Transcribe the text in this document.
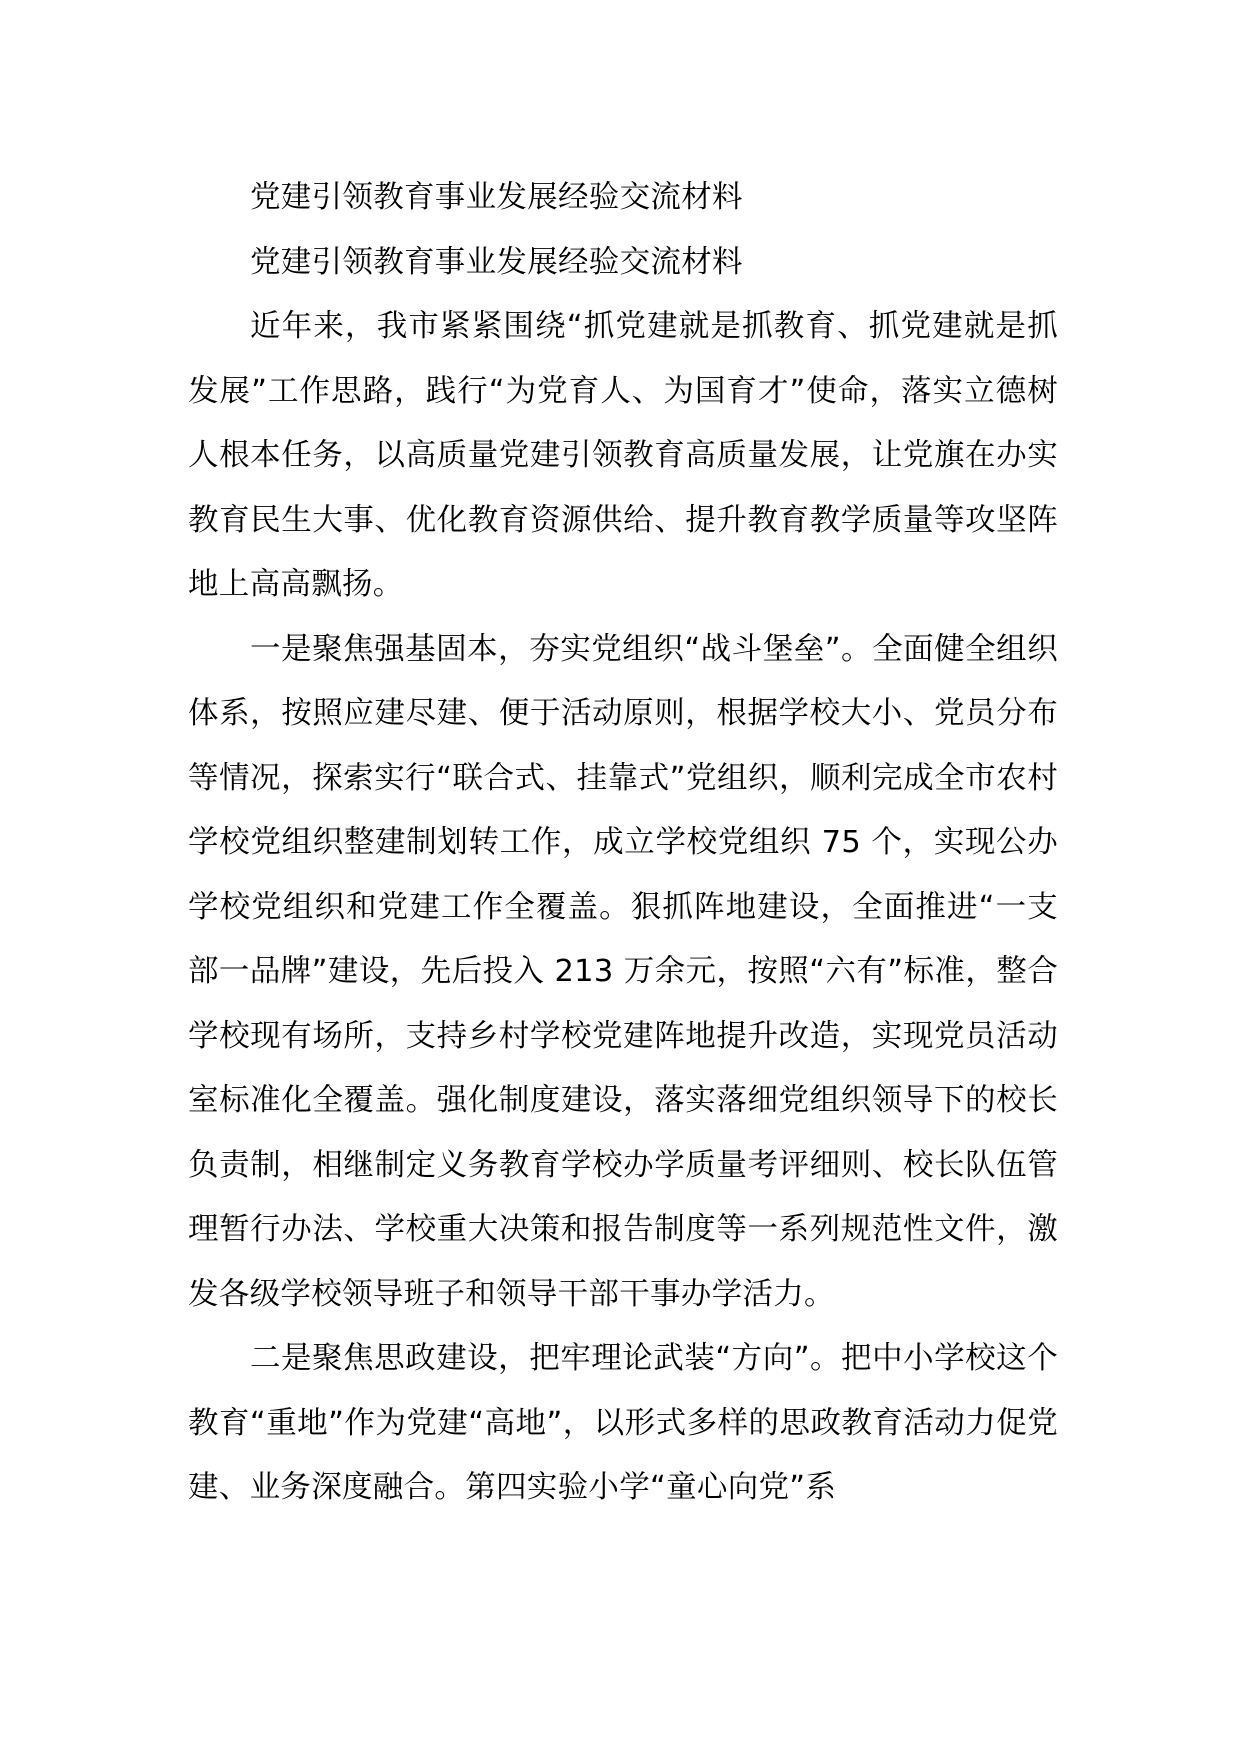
党建引领教育事业发展经验交流材料

党建引领教育事业发展经验交流材料

近年来，我市紧紧围绕“抓党建就是抓教育、抓党建就是抓发展”工作思路，践行“为党育人、为国育才”使命，落实立德树人根本任务，以高质量党建引领教育高质量发展，让党旗在办实教育民生大事、优化教育资源供给、提升教育教学质量等攻坚阵地上高高飘扬。

一是聚焦强基固本，夯实党组织“战斗堡垒”。全面健全组织体系，按照应建尽建、便于活动原则，根据学校大小、党员分布等情况，探索实行“联合式、挂靠式”党组织，顺利完成全市农村学校党组织整建制划转工作，成立学校党组织 75 个，实现公办学校党组织和党建工作全覆盖。狠抓阵地建设，全面推进“一支部一品牌”建设，先后投入 213 万余元，按照“六有”标准，整合学校现有场所，支持乡村学校党建阵地提升改造，实现党员活动室标准化全覆盖。强化制度建设，落实落细党组织领导下的校长负责制，相继制定义务教育学校办学质量考评细则、校长队伍管理暂行办法、学校重大决策和报告制度等一系列规范性文件，激发各级学校领导班子和领导干部干事办学活力。

二是聚焦思政建设，把牢理论武装“方向”。把中小学校这个教育“重地”作为党建“高地”，以形式多样的思政教育活动力促党建、业务深度融合。第四实验小学“童心向党”系
